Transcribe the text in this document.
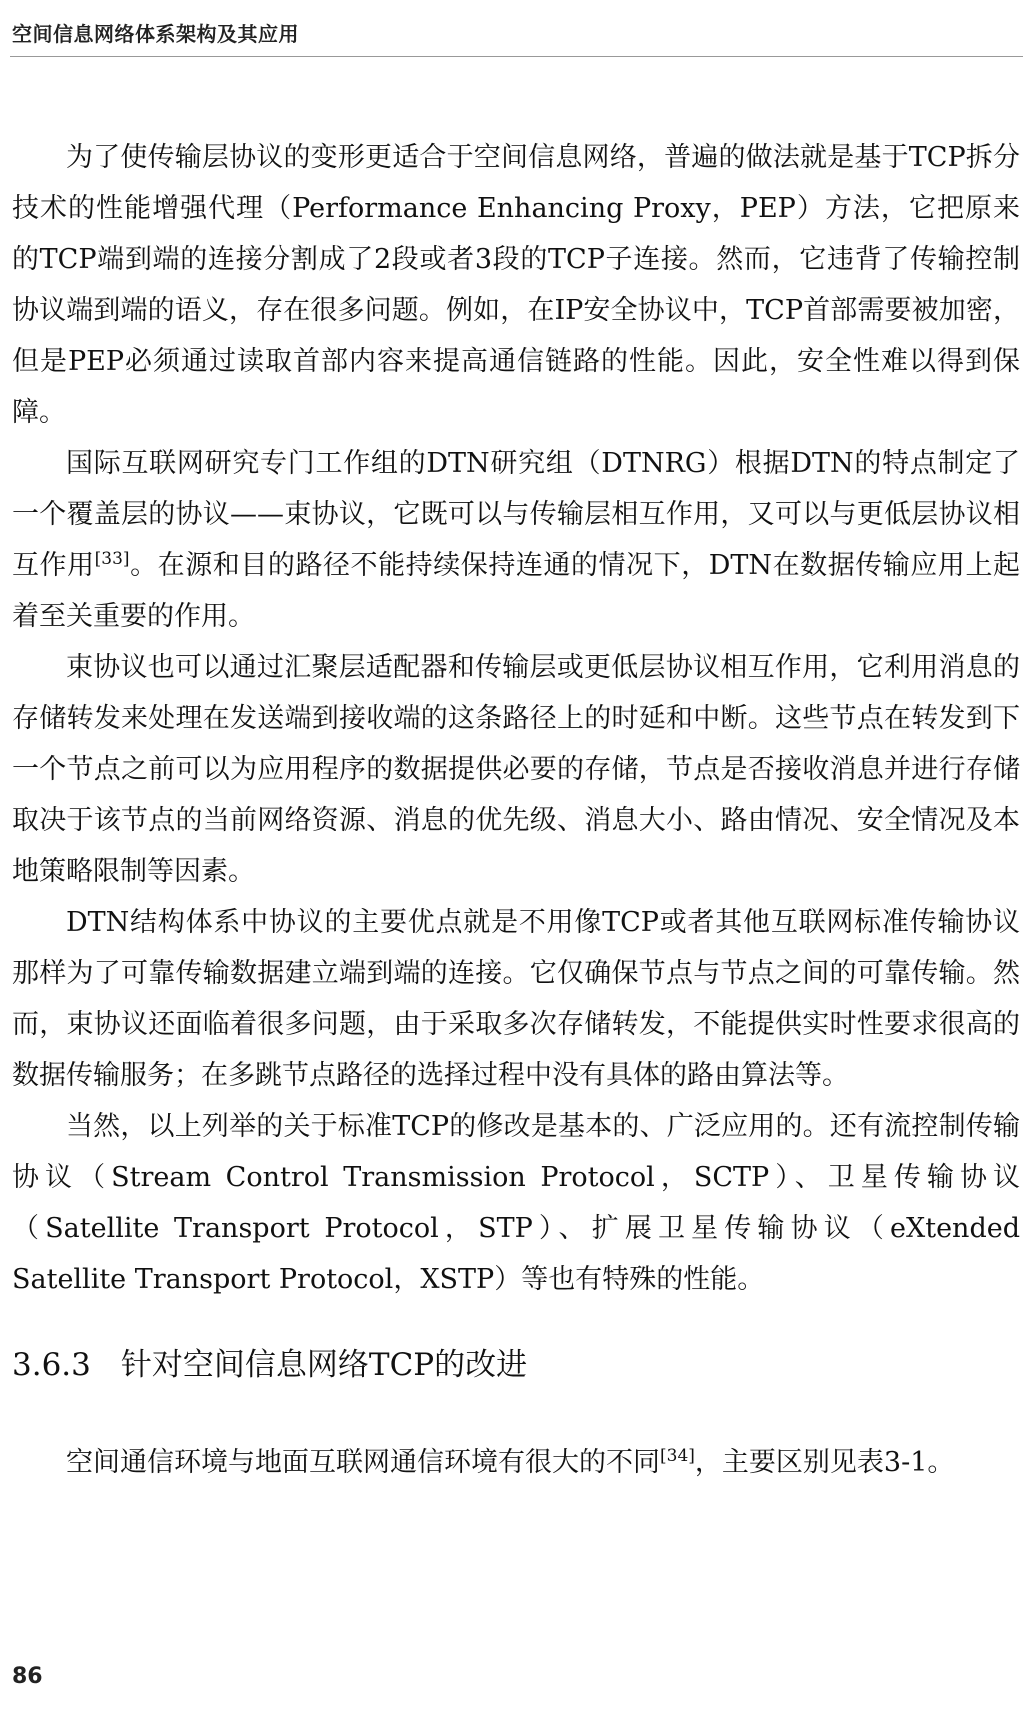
空间信息网络体系架构及其应用

为了使传输层协议的变形更适合于空间信息网络，普遍的做法就是基于TCP拆分技术的性能增强代理（Performance Enhancing Proxy，PEP）方法，它把原来的TCP端到端的连接分割成了2段或者3段的TCP子连接。然而，它违背了传输控制协议端到端的语义，存在很多问题。例如，在IP安全协议中，TCP首部需要被加密，但是PEP必须通过读取首部内容来提高通信链路的性能。因此，安全性难以得到保障。

国际互联网研究专门工作组的DTN研究组（DTNRG）根据DTN的特点制定了一个覆盖层的协议——束协议，它既可以与传输层相互作用，又可以与更低层协议相互作用[33]。在源和目的路径不能持续保持连通的情况下，DTN在数据传输应用上起着至关重要的作用。

束协议也可以通过汇聚层适配器和传输层或更低层协议相互作用，它利用消息的存储转发来处理在发送端到接收端的这条路径上的时延和中断。这些节点在转发到下一个节点之前可以为应用程序的数据提供必要的存储，节点是否接收消息并进行存储取决于该节点的当前网络资源、消息的优先级、消息大小、路由情况、安全情况及本地策略限制等因素。

DTN结构体系中协议的主要优点就是不用像TCP或者其他互联网标准传输协议那样为了可靠传输数据建立端到端的连接。它仅确保节点与节点之间的可靠传输。然而，束协议还面临着很多问题，由于采取多次存储转发，不能提供实时性要求很高的数据传输服务；在多跳节点路径的选择过程中没有具体的路由算法等。

当然，以上列举的关于标准TCP的修改是基本的、广泛应用的。还有流控制传输协议（Stream Control Transmission Protocol，SCTP）、卫星传输协议（Satellite Transport Protocol，STP）、扩展卫星传输协议（eXtended Satellite Transport Protocol，XSTP）等也有特殊的性能。

3.6.3 针对空间信息网络TCP的改进

空间通信环境与地面互联网通信环境有很大的不同[34]，主要区别见表3-1。

86
